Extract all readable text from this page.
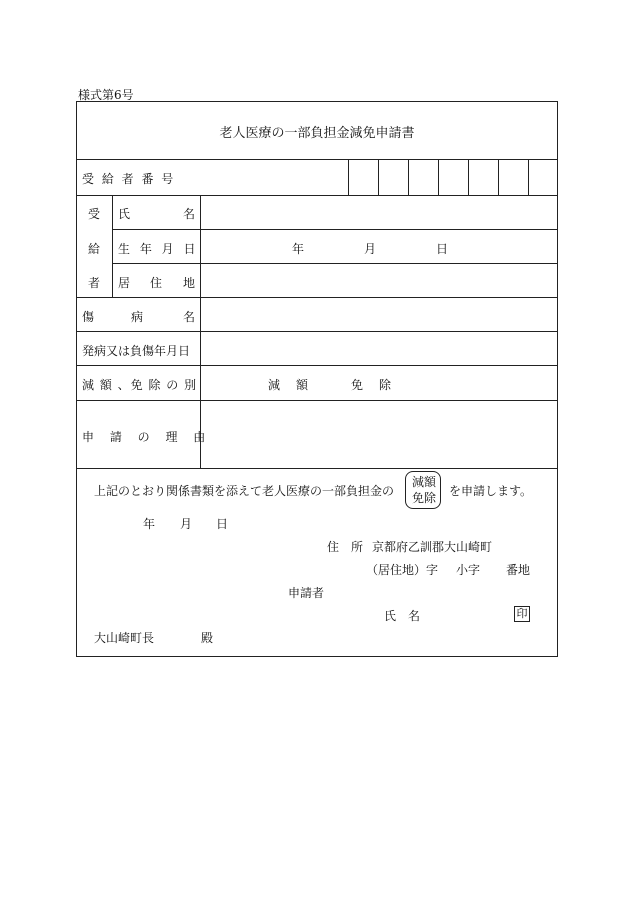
様式第6号
老人医療の一部負担金減免申請書
受 給 者 番 号
受
給
者
氏	名
生 年 月 日	年	月	日
居 住 地
傷	病	名
発病又は負傷年月日
減 額 、免 除 の 別	減　額	免　除
申 請 の 理 由
上記のとおり関係書類を添えて老人医療の一部負担金の
減額
免除 を申請します。
年 月 日
住　所 京都府乙訓郡大山崎町
（居住地）字 小字 番地
申請者
氏　名	印
大山崎町長	殿
